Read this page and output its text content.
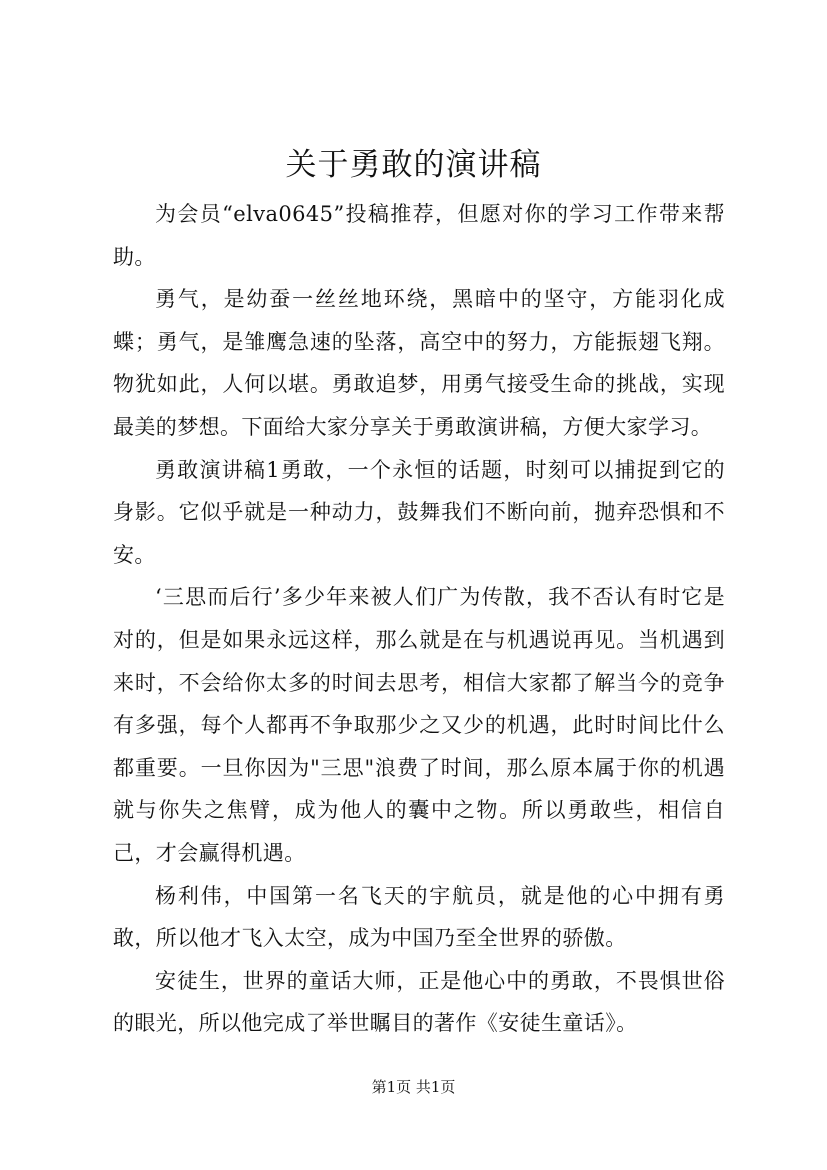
关于勇敢的演讲稿

为会员“elva0645”投稿推荐，但愿对你的学习工作带来帮助。

勇气，是幼蚕一丝丝地环绕，黑暗中的坚守，方能羽化成蝶；勇气，是雏鹰急速的坠落，高空中的努力，方能振翅飞翔。物犹如此，人何以堪。勇敢追梦，用勇气接受生命的挑战，实现最美的梦想。下面给大家分享关于勇敢演讲稿，方便大家学习。

勇敢演讲稿1勇敢，一个永恒的话题，时刻可以捕捉到它的身影。它似乎就是一种动力，鼓舞我们不断向前，抛弃恐惧和不安。

‘三思而后行’多少年来被人们广为传散，我不否认有时它是对的，但是如果永远这样，那么就是在与机遇说再见。当机遇到来时，不会给你太多的时间去思考，相信大家都了解当今的竞争有多强，每个人都再不争取那少之又少的机遇，此时时间比什么都重要。一旦你因为"三思"浪费了时间，那么原本属于你的机遇就与你失之焦臂，成为他人的囊中之物。所以勇敢些，相信自己，才会赢得机遇。

杨利伟，中国第一名飞天的宇航员，就是他的心中拥有勇敢，所以他才飞入太空，成为中国乃至全世界的骄傲。

安徒生，世界的童话大师，正是他心中的勇敢，不畏惧世俗的眼光，所以他完成了举世瞩目的著作《安徒生童话》。

第1页 共1页
